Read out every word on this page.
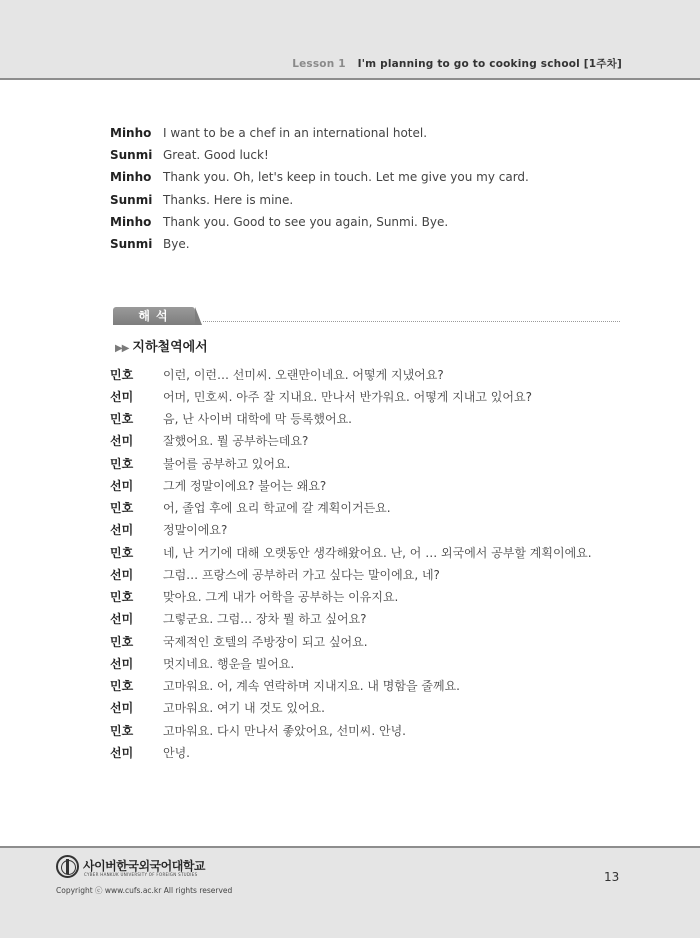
Lesson 1 I'm planning to go to cooking school [1주차]
Minho I want to be a chef in an international hotel.
Sunmi Great. Good luck!
Minho Thank you. Oh, let's keep in touch. Let me give you my card.
Sunmi Thanks. Here is mine.
Minho Thank you. Good to see you again, Sunmi. Bye.
Sunmi Bye.
해석
▶▶ 지하철역에서
민호 이런, 이런… 선미씨. 오랜만이네요. 어떻게 지냈어요?
선미 어머, 민호씨. 아주 잘 지내요. 만나서 반가워요. 어떻게 지내고 있어요?
민호 음, 난 사이버 대학에 막 등록했어요.
선미 잘했어요. 뭘 공부하는데요?
민호 불어를 공부하고 있어요.
선미 그게 정말이에요? 불어는 왜요?
민호 어, 졸업 후에 요리 학교에 갈 계획이거든요.
선미 정말이에요?
민호 네, 난 거기에 대해 오랫동안 생각해왔어요. 난, 어 … 외국에서 공부할 계획이에요.
선미 그럼… 프랑스에 공부하러 가고 싶다는 말이에요, 네?
민호 맞아요. 그게 내가 어학을 공부하는 이유지요.
선미 그렇군요. 그럼… 장차 뭘 하고 싶어요?
민호 국제적인 호텔의 주방장이 되고 싶어요.
선미 멋지네요. 행운을 빌어요.
민호 고마워요. 어, 계속 연락하며 지내지요. 내 명함을 줄께요.
선미 고마워요. 여기 내 것도 있어요.
민호 고마워요. 다시 만나서 좋았어요, 선미씨. 안녕.
선미 안녕.
사이버한국외국어대학교
CYBER HANKUK UNIVERSITY OF FOREIGN STUDIES
Copyright ⓒ www.cufs.ac.kr All rights reserved
13
